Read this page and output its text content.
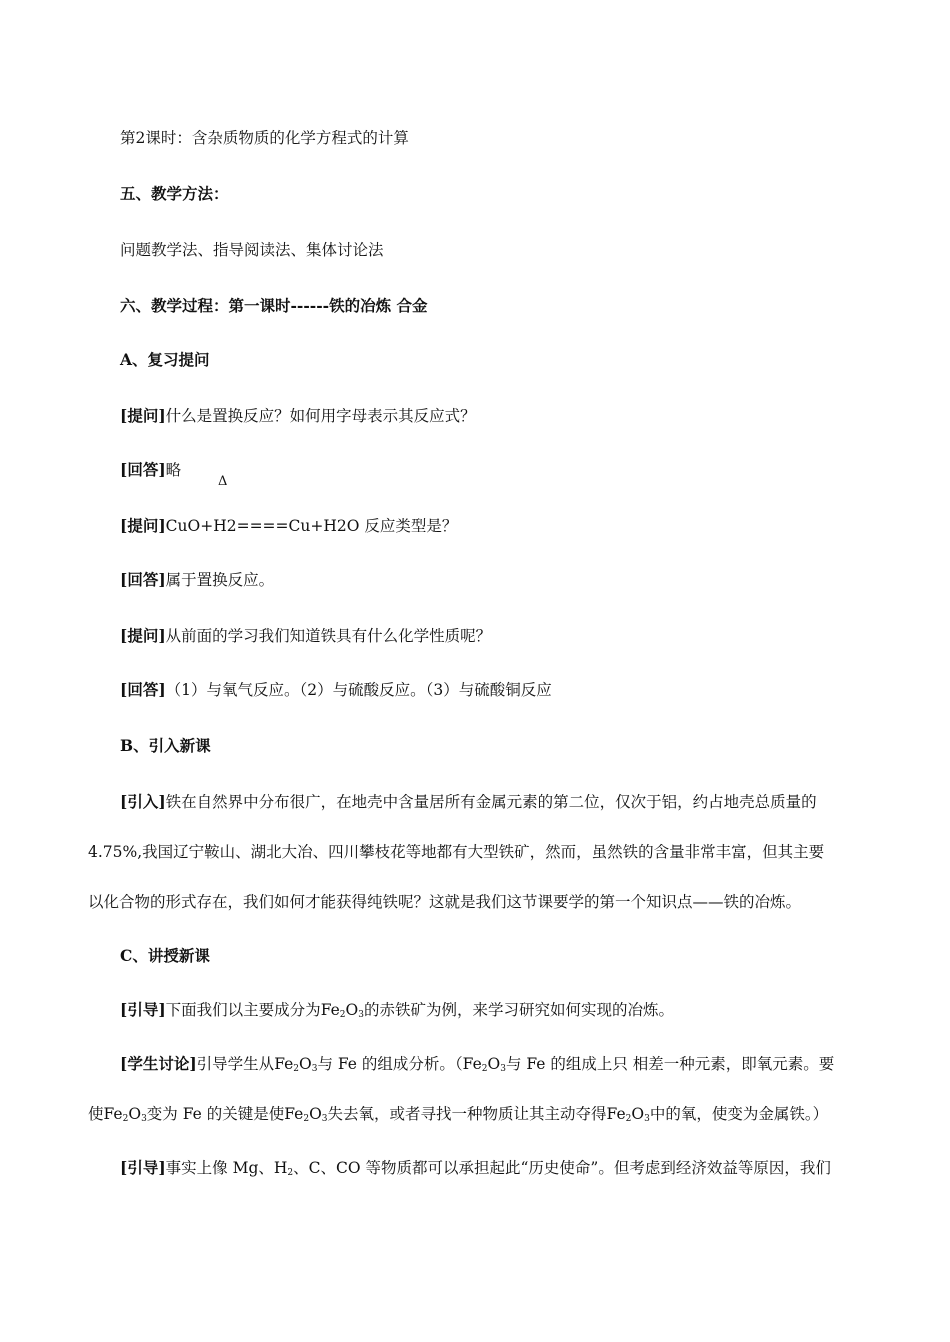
第2课时：含杂质物质的化学方程式的计算
五、教学方法：
问题教学法、指导阅读法、集体讨论法
六、教学过程：第一课时------铁的冶炼 合金
A、复习提问
[提问]什么是置换反应？如何用字母表示其反应式？
[回答]略
Δ
[提问]CuO+H2====Cu+H2O 反应类型是？
[回答]属于置换反应。
[提问]从前面的学习我们知道铁具有什么化学性质呢？
[回答]（1）与氧气反应。（2）与硫酸反应。（3）与硫酸铜反应
B、引入新课
[引入]铁在自然界中分布很广，在地壳中含量居所有金属元素的第二位，仅次于铝，约占地壳总质量的
4.75%,我国辽宁鞍山、湖北大冶、四川攀枝花等地都有大型铁矿，然而，虽然铁的含量非常丰富，但其主要
以化合物的形式存在，我们如何才能获得纯铁呢？这就是我们这节课要学的第一个知识点——铁的冶炼。
C、讲授新课
[引导]下面我们以主要成分为$Fe_2O_3$的赤铁矿为例，来学习研究如何实现的冶炼。
[学生讨论]引导学生从$Fe_2O_3$与 Fe 的组成分析。（$Fe_2O_3$与 Fe 的组成上只 相差一种元素，即氧元素。要
使$Fe_2O_3$变为 Fe 的关键是使$Fe_2O_3$失去氧，或者寻找一种物质让其主动夺得$Fe_2O_3$中的氧，使变为金属铁。）
[引导]事实上像 Mg、$H_2$、C、CO 等物质都可以承担起此“历史使命”。但考虑到经济效益等原因，我们
